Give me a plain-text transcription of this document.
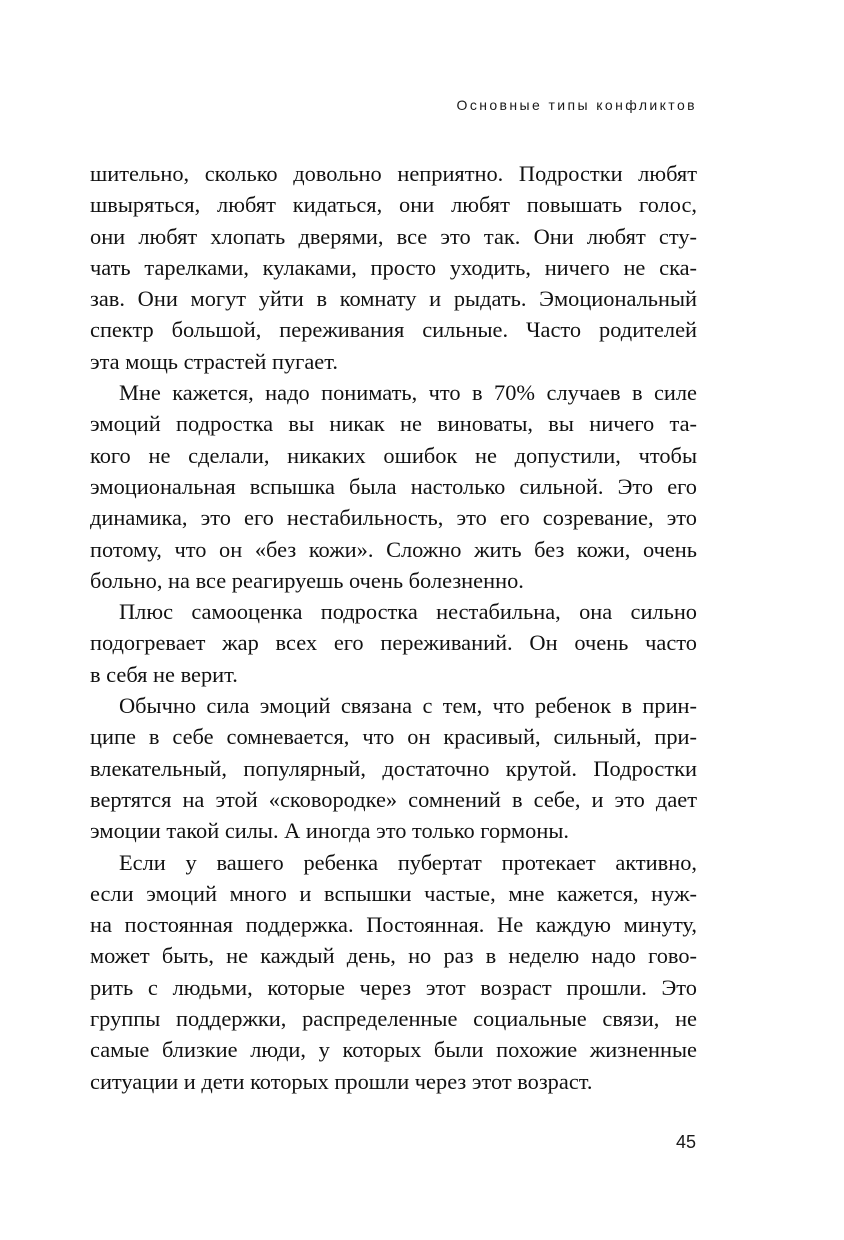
Основные типы конфликтов
шительно, сколько довольно неприятно. Подростки любят
швыряться, любят кидаться, они любят повышать голос,
они любят хлопать дверями, все это так. Они любят сту-
чать тарелками, кулаками, просто уходить, ничего не ска-
зав. Они могут уйти в комнату и рыдать. Эмоциональный
спектр большой, переживания сильные. Часто родителей
эта мощь страстей пугает.
Мне кажется, надо понимать, что в 70% случаев в силе
эмоций подростка вы никак не виноваты, вы ничего та-
кого не сделали, никаких ошибок не допустили, чтобы
эмоциональная вспышка была настолько сильной. Это его
динамика, это его нестабильность, это его созревание, это
потому, что он «без кожи». Сложно жить без кожи, очень
больно, на все реагируешь очень болезненно.
Плюс самооценка подростка нестабильна, она сильно
подогревает жар всех его переживаний. Он очень часто
в себя не верит.
Обычно сила эмоций связана с тем, что ребенок в прин-
ципе в себе сомневается, что он красивый, сильный, при-
влекательный, популярный, достаточно крутой. Подростки
вертятся на этой «сковородке» сомнений в себе, и это дает
эмоции такой силы. А иногда это только гормоны.
Если у вашего ребенка пубертат протекает активно,
если эмоций много и вспышки частые, мне кажется, нуж-
на постоянная поддержка. Постоянная. Не каждую минуту,
может быть, не каждый день, но раз в неделю надо гово-
рить с людьми, которые через этот возраст прошли. Это
группы поддержки, распределенные социальные связи, не
самые близкие люди, у которых были похожие жизненные
ситуации и дети которых прошли через этот возраст.
45
